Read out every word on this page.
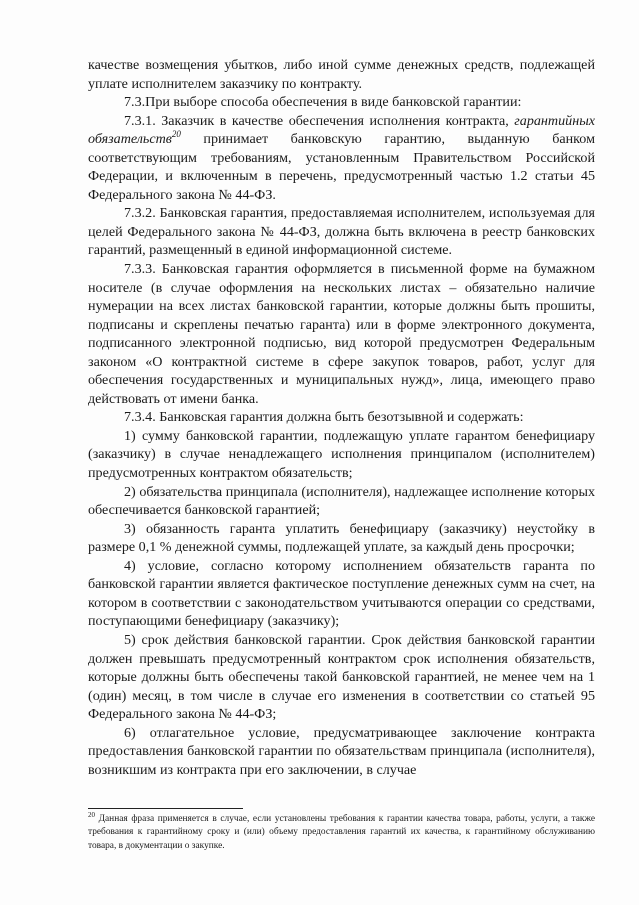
качестве возмещения убытков, либо иной сумме денежных средств, подлежащей уплате исполнителем заказчику по контракту.

7.3.При выборе способа обеспечения в виде банковской гарантии:

7.3.1. Заказчик в качестве обеспечения исполнения контракта, гарантийных обязательств$^{20}$ принимает банковскую гарантию, выданную банком соответствующим требованиям, установленным Правительством Российской Федерации, и включенным в перечень, предусмотренный частью 1.2 статьи 45 Федерального закона № 44-ФЗ.

7.3.2. Банковская гарантия, предоставляемая исполнителем, используемая для целей Федерального закона № 44-ФЗ, должна быть включена в реестр банковских гарантий, размещенный в единой информационной системе.

7.3.3. Банковская гарантия оформляется в письменной форме на бумажном носителе (в случае оформления на нескольких листах – обязательно наличие нумерации на всех листах банковской гарантии, которые должны быть прошиты, подписаны и скреплены печатью гаранта) или в форме электронного документа, подписанного электронной подписью, вид которой предусмотрен Федеральным законом «О контрактной системе в сфере закупок товаров, работ, услуг для обеспечения государственных и муниципальных нужд», лица, имеющего право действовать от имени банка.

7.3.4. Банковская гарантия должна быть безотзывной и содержать:

1) сумму банковской гарантии, подлежащую уплате гарантом бенефициару (заказчику) в случае ненадлежащего исполнения принципалом (исполнителем) предусмотренных контрактом обязательств;

2) обязательства принципала (исполнителя), надлежащее исполнение которых обеспечивается банковской гарантией;

3) обязанность гаранта уплатить бенефициару (заказчику) неустойку в размере 0,1 % денежной суммы, подлежащей уплате, за каждый день просрочки;

4) условие, согласно которому исполнением обязательств гаранта по банковской гарантии является фактическое поступление денежных сумм на счет, на котором в соответствии с законодательством учитываются операции со средствами, поступающими бенефициару (заказчику);

5) срок действия банковской гарантии. Срок действия банковской гарантии должен превышать предусмотренный контрактом срок исполнения обязательств, которые должны быть обеспечены такой банковской гарантией, не менее чем на 1 (один) месяц, в том числе в случае его изменения в соответствии со статьей 95 Федерального закона № 44-ФЗ;

6) отлагательное условие, предусматривающее заключение контракта предоставления банковской гарантии по обязательствам принципала (исполнителя), возникшим из контракта при его заключении, в случае

$^{20}$ Данная фраза применяется в случае, если установлены требования к гарантии качества товара, работы, услуги, а также требования к гарантийному сроку и (или) объему предоставления гарантий их качества, к гарантийному обслуживанию товара, в документации о закупке.
